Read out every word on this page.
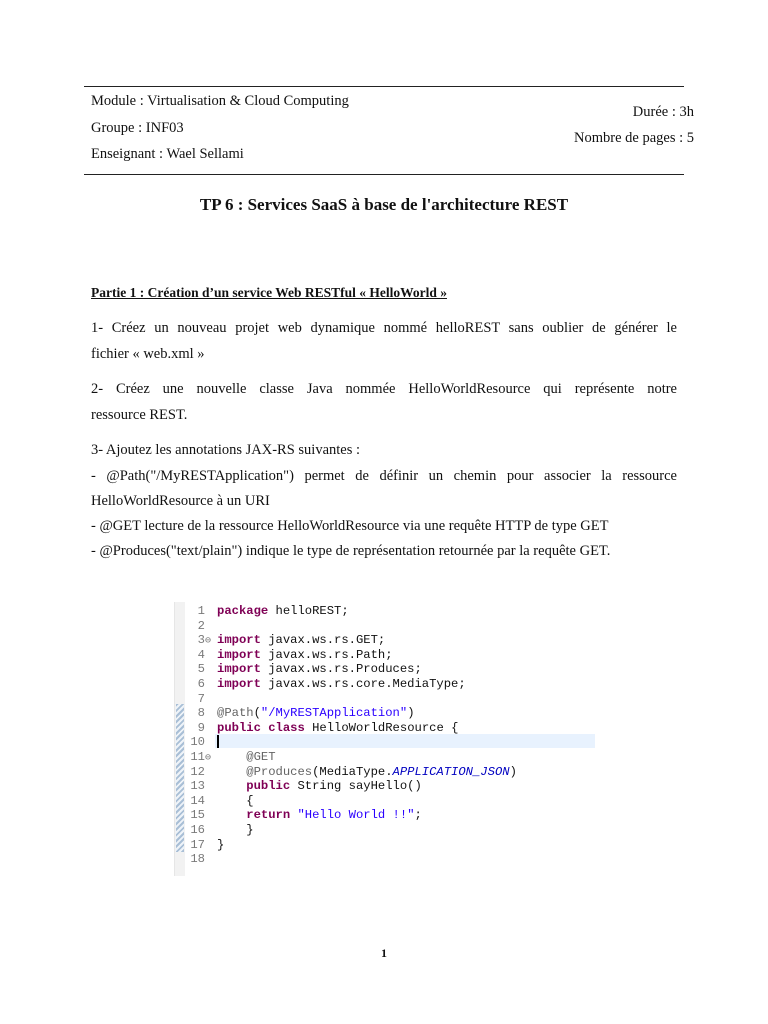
Module : Virtualisation & Cloud Computing
Groupe : INF03
Enseignant : Wael Sellami
Durée : 3h
Nombre de pages : 5
TP 6 : Services SaaS à base de l'architecture REST
Partie 1 : Création d’un service Web RESTful « HelloWorld »
1- Créez un nouveau projet web dynamique nommé helloREST sans oublier de générer le
fichier « web.xml »
2- Créez une nouvelle classe Java nommée HelloWorldResource qui représente notre
ressource REST.
3- Ajoutez les annotations JAX-RS suivantes :
- @Path("/MyRESTApplication") permet de définir un chemin pour associer la ressource
HelloWorldResource à un URI
- @GET lecture de la ressource HelloWorldResource via une requête HTTP de type GET
- @Produces("text/plain") indique le type de représentation retournée par la requête GET.
1 package helloREST;
2
3⊖ import javax.ws.rs.GET;
4 import javax.ws.rs.Path;
5 import javax.ws.rs.Produces;
6 import javax.ws.rs.core.MediaType;
7
8 @Path("/MyRESTApplication")
9 public class HelloWorldResource {
10
11⊖	@GET
12	@Produces(MediaType.APPLICATION_JSON)
13	public String sayHello()
14	{
15	return "Hello World !!";
16	}
17 }
18
1
